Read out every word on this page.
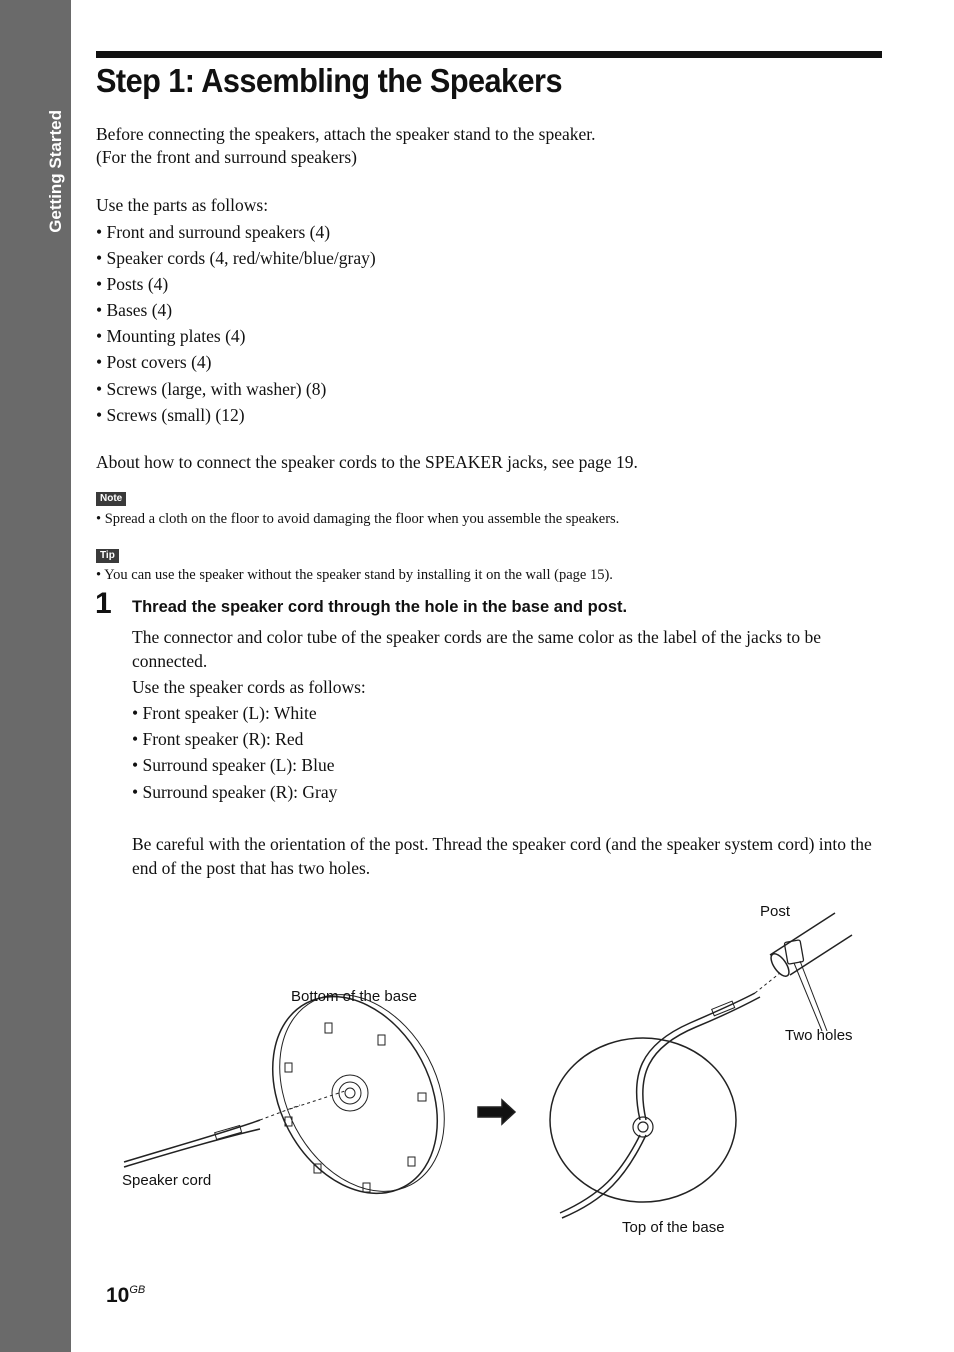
Getting Started
Step 1: Assembling the Speakers

Before connecting the speakers, attach the speaker stand to the speaker.

(For the front and surround speakers)

Use the parts as follows:

• Front and surround speakers (4)
• Speaker cords (4, red/white/blue/gray)
• Posts (4)
• Bases (4)
• Mounting plates (4)
• Post covers (4)
• Screws (large, with washer) (8)
• Screws (small) (12)

About how to connect the speaker cords to the SPEAKER jacks, see page 19.

Note

• Spread a cloth on the floor to avoid damaging the floor when you assemble the speakers.

Tip

• You can use the speaker without the speaker stand by installing it on the wall (page 15).

1 Thread the speaker cord through the hole in the base and post.

The connector and color tube of the speaker cords are the same color as the label of the jacks to be connected.

Use the speaker cords as follows:

• Front speaker (L): White
• Front speaker (R): Red
• Surround speaker (L): Blue
• Surround speaker (R): Gray

Be careful with the orientation of the post. Thread the speaker cord (and the speaker system cord) into the end of the post that has two holes.

Post
Bottom of the base
Two holes
Speaker cord
Top of the base
$10^{GB}$
